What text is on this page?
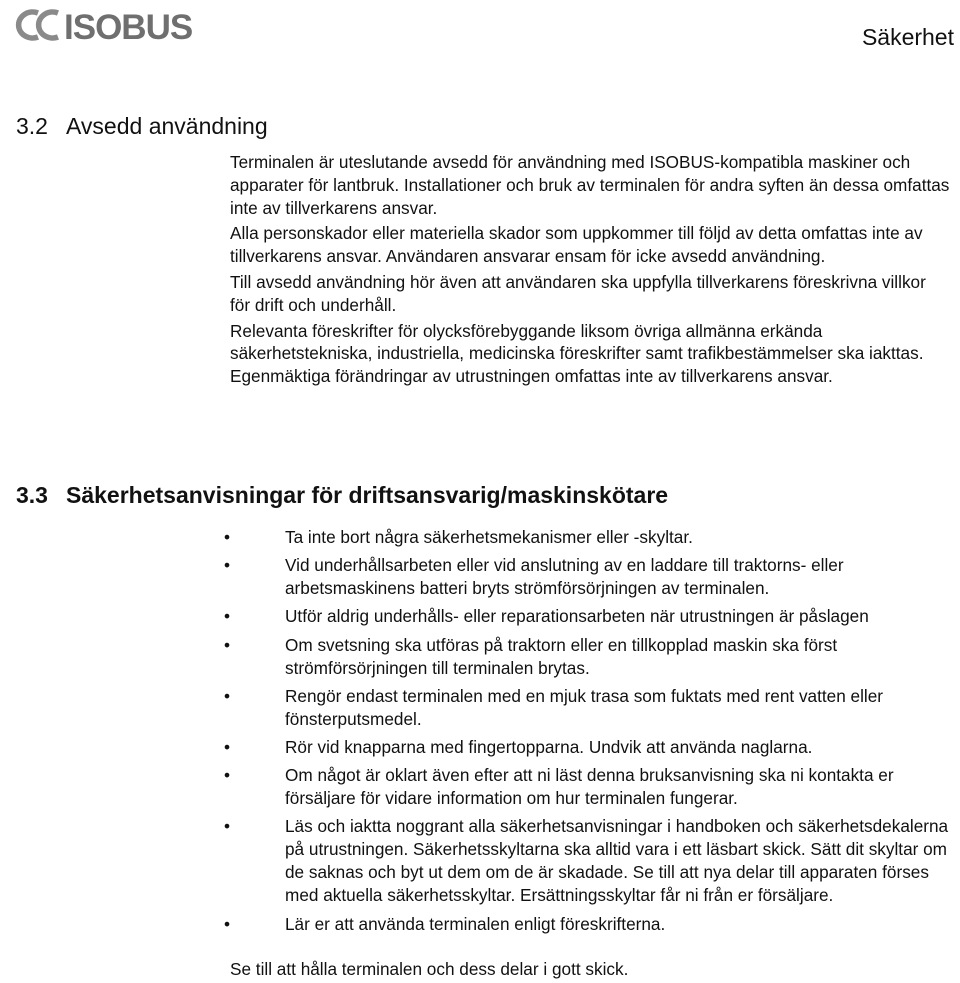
ISOBUS	Säkerhet
3.2 Avsedd användning

Terminalen är uteslutande avsedd för användning med ISOBUS-kompatibla maskiner och apparater för lantbruk. Installationer och bruk av terminalen för andra syften än dessa omfattas inte av tillverkarens ansvar.

Alla personskador eller materiella skador som uppkommer till följd av detta omfattas inte av tillverkarens ansvar. Användaren ansvarar ensam för icke avsedd användning.

Till avsedd användning hör även att användaren ska uppfylla tillverkarens föreskrivna villkor för drift och underhåll.

Relevanta föreskrifter för olycksförebyggande liksom övriga allmänna erkända säkerhetstekniska, industriella, medicinska föreskrifter samt trafikbestämmelser ska iakttas. Egenmäktiga förändringar av utrustningen omfattas inte av tillverkarens ansvar.

3.3 Säkerhetsanvisningar för driftsansvarig/maskinskötare
•	Ta inte bort några säkerhetsmekanismer eller -skyltar.
•	Vid underhållsarbeten eller vid anslutning av en laddare till traktorns- eller arbetsmaskinens batteri bryts strömförsörjningen av terminalen.
•	Utför aldrig underhålls- eller reparationsarbeten när utrustningen är påslagen
•	Om svetsning ska utföras på traktorn eller en tillkopplad maskin ska först strömförsörjningen till terminalen brytas.
•	Rengör endast terminalen med en mjuk trasa som fuktats med rent vatten eller fönsterputsmedel.
•	Rör vid knapparna med fingertopparna. Undvik att använda naglarna.
•	Om något är oklart även efter att ni läst denna bruksanvisning ska ni kontakta er försäljare för vidare information om hur terminalen fungerar.
•	Läs och iaktta noggrant alla säkerhetsanvisningar i handboken och säkerhetsdekalerna på utrustningen. Säkerhetsskyltarna ska alltid vara i ett läsbart skick. Sätt dit skyltar om de saknas och byt ut dem om de är skadade. Se till att nya delar till apparaten förses med aktuella säkerhetsskyltar. Ersättningsskyltar får ni från er försäljare.
•	Lär er att använda terminalen enligt föreskrifterna.

Se till att hålla terminalen och dess delar i gott skick.
